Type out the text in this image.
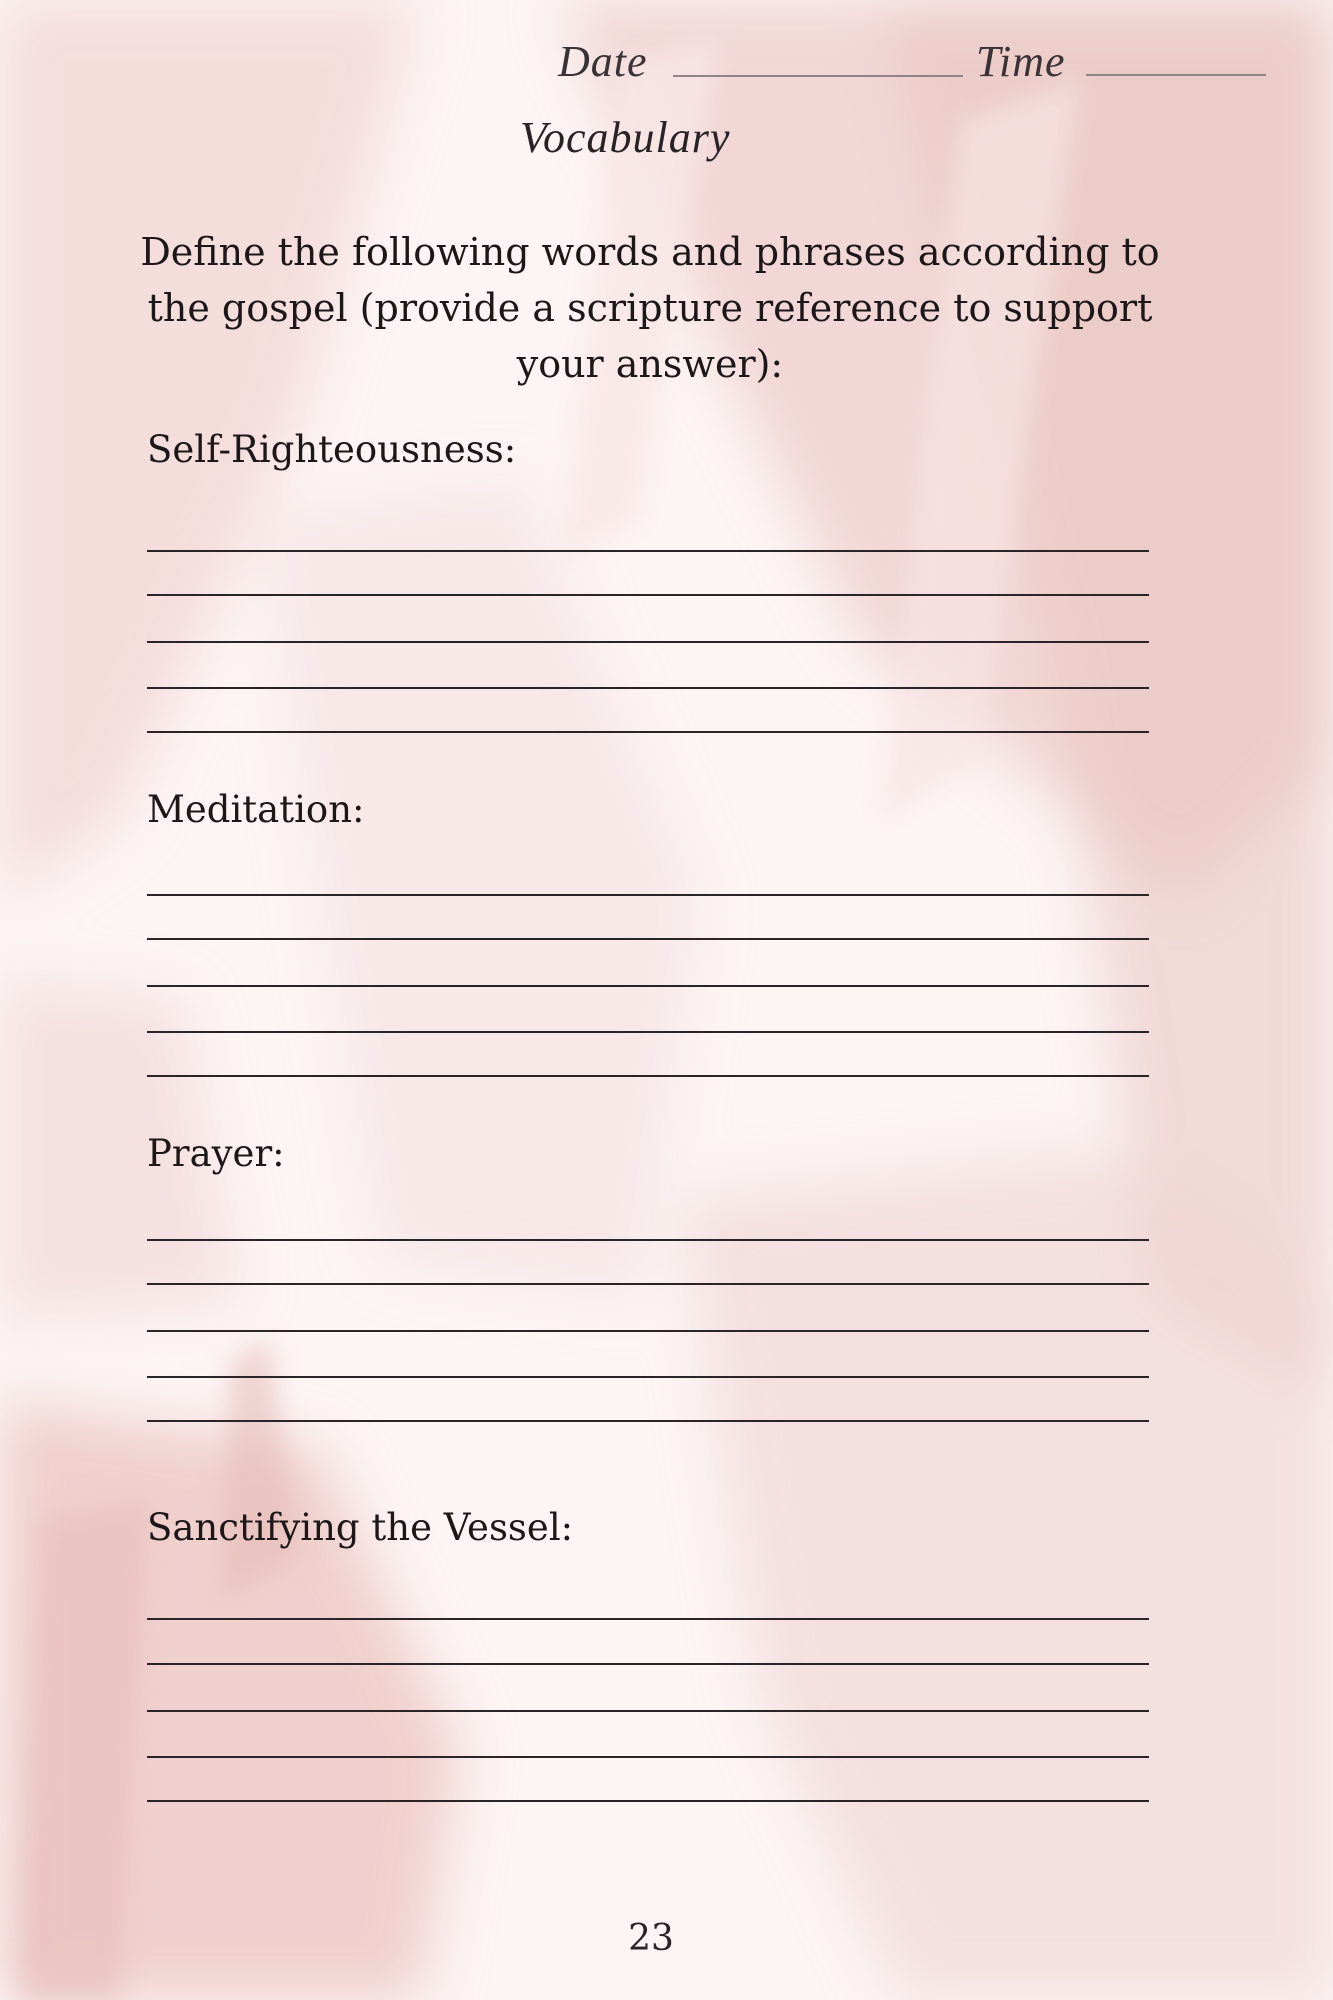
Date	Time
Vocabulary
Define the following words and phrases according to the gospel (provide a scripture reference to support your answer):
Self-Righteousness:
Meditation:
Prayer:
Sanctifying the Vessel:
23
